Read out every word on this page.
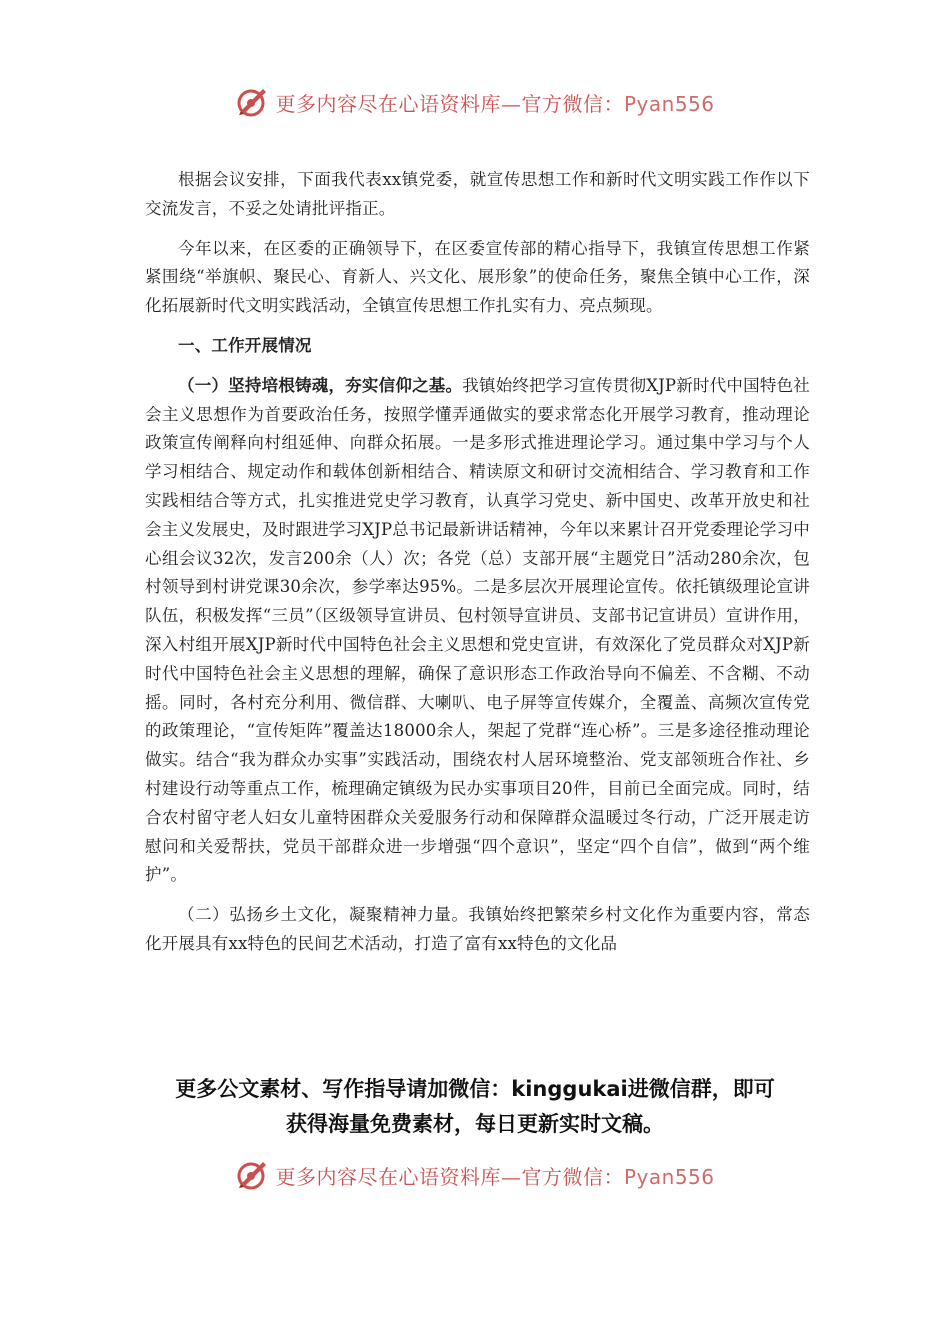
更多内容尽在心语资料库—官方微信：Pyan556

根据会议安排，下面我代表xx镇党委，就宣传思想工作和新时代文明实践工作作以下交流发言，不妥之处请批评指正。

今年以来，在区委的正确领导下，在区委宣传部的精心指导下，我镇宣传思想工作紧紧围绕“举旗帜、聚民心、育新人、兴文化、展形象”的使命任务，聚焦全镇中心工作，深化拓展新时代文明实践活动，全镇宣传思想工作扎实有力、亮点频现。

一、工作开展情况

（一）坚持培根铸魂，夯实信仰之基。我镇始终把学习宣传贯彻XJP新时代中国特色社会主义思想作为首要政治任务，按照学懂弄通做实的要求常态化开展学习教育，推动理论政策宣传阐释向村组延伸、向群众拓展。一是多形式推进理论学习。通过集中学习与个人学习相结合、规定动作和载体创新相结合、精读原文和研讨交流相结合、学习教育和工作实践相结合等方式，扎实推进党史学习教育，认真学习党史、新中国史、改革开放史和社会主义发展史，及时跟进学习XJP总书记最新讲话精神，今年以来累计召开党委理论学习中心组会议32次，发言200余（人）次；各党（总）支部开展“主题党日”活动280余次，包村领导到村讲党课30余次，参学率达95%。二是多层次开展理论宣传。依托镇级理论宣讲队伍，积极发挥“三员”（区级领导宣讲员、包村领导宣讲员、支部书记宣讲员）宣讲作用，深入村组开展XJP新时代中国特色社会主义思想和党史宣讲，有效深化了党员群众对XJP新时代中国特色社会主义思想的理解，确保了意识形态工作政治导向不偏差、不含糊、不动摇。同时，各村充分利用、微信群、大喇叭、电子屏等宣传媒介，全覆盖、高频次宣传党的政策理论，“宣传矩阵”覆盖达18000余人，架起了党群“连心桥”。三是多途径推动理论做实。结合“我为群众办实事”实践活动，围绕农村人居环境整治、党支部领班合作社、乡村建设行动等重点工作，梳理确定镇级为民办实事项目20件，目前已全面完成。同时，结合农村留守老人妇女儿童特困群众关爱服务行动和保障群众温暖过冬行动，广泛开展走访慰问和关爱帮扶，党员干部群众进一步增强“四个意识”，坚定“四个自信”，做到“两个维护”。

（二）弘扬乡土文化，凝聚精神力量。我镇始终把繁荣乡村文化作为重要内容，常态化开展具有xx特色的民间艺术活动，打造了富有xx特色的文化品

更多公文素材、写作指导请加微信：kinggukai进微信群，即可
获得海量免费素材，每日更新实时文稿。
更多内容尽在心语资料库—官方微信：Pyan556
